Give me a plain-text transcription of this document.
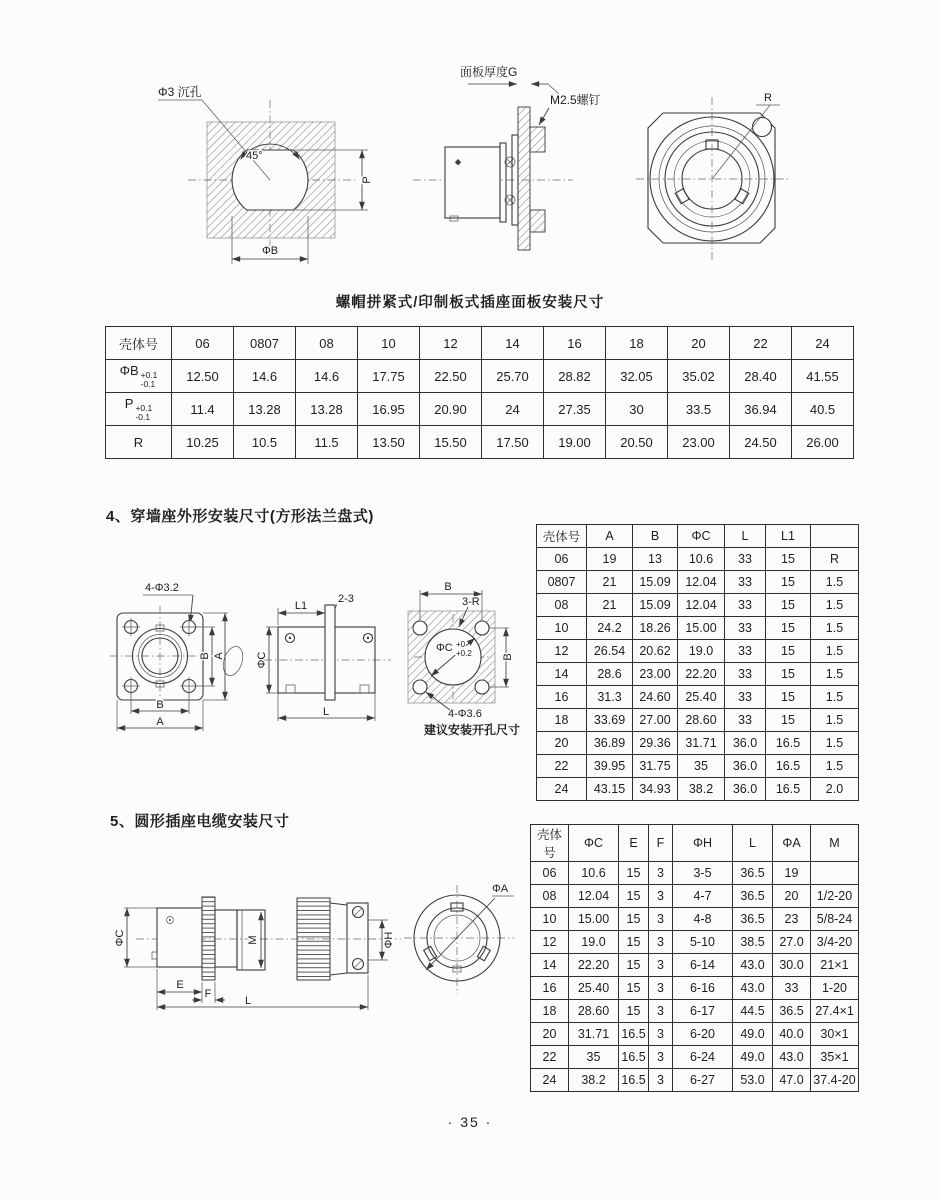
Φ3 沉孔
45°
ΦB
P
面板厚度G
M2.5螺钉	R
螺帽拼紧式/印制板式插座面板安装尺寸
壳体号	06	0807	08	10	12	14	16	18	20	22	24
ΦB +0.1
-0.1	12.50	14.6	14.6	17.75	22.50	25.70	28.82	32.05	35.02	28.40	41.55
P +0.1
-0.1	11.4	13.28	13.28	16.95	20.90	24	27.35	30	33.5	36.94	40.5
R	10.25	10.5	11.5	13.50	15.50	17.50	19.00	20.50	23.00	24.50	26.00
4、穿墙座外形安装尺寸(方形法兰盘式)
4-Φ3.2
B A
B
A
L1
2-3
L
ΦC
B
3-R
ΦC +0
+0.2
4-Φ3.6
B
建议安装开孔尺寸
壳体号	A	B	ΦC	L	L1	
06	19	13	10.6	33	15	R
0807	21	15.09	12.04	33	15	1.5
08	21	15.09	12.04	33	15	1.5
10	24.2	18.26	15.00	33	15	1.5
12	26.54	20.62	19.0	33	15	1.5
14	28.6	23.00	22.20	33	15	1.5
16	31.3	24.60	25.40	33	15	1.5
18	33.69	27.00	28.60	33	15	1.5
20	36.89	29.36	31.71	36.0	16.5	1.5
22	39.95	31.75	35	36.0	16.5	1.5
24	43.15	34.93	38.2	36.0	16.5	2.0
5、圆形插座电缆安装尺寸
ΦC	M	ΦH
E
F
L
ΦA
壳体号	ΦC	E	F	ΦH	L	ΦA	M
06	10.6	15	3	3-5	36.5	19	
08	12.04	15	3	4-7	36.5	20	1/2-20
10	15.00	15	3	4-8	36.5	23	5/8-24
12	19.0	15	3	5-10	38.5	27.0	3/4-20
14	22.20	15	3	6-14	43.0	30.0	21×1
16	25.40	15	3	6-16	43.0	33	1-20
18	28.60	15	3	6-17	44.5	36.5	27.4×1
20	31.71	16.5	3	6-20	49.0	40.0	30×1
22	35	16.5	3	6-24	49.0	43.0	35×1
24	38.2	16.5	3	6-27	53.0	47.0	37.4-20
· 35 ·
